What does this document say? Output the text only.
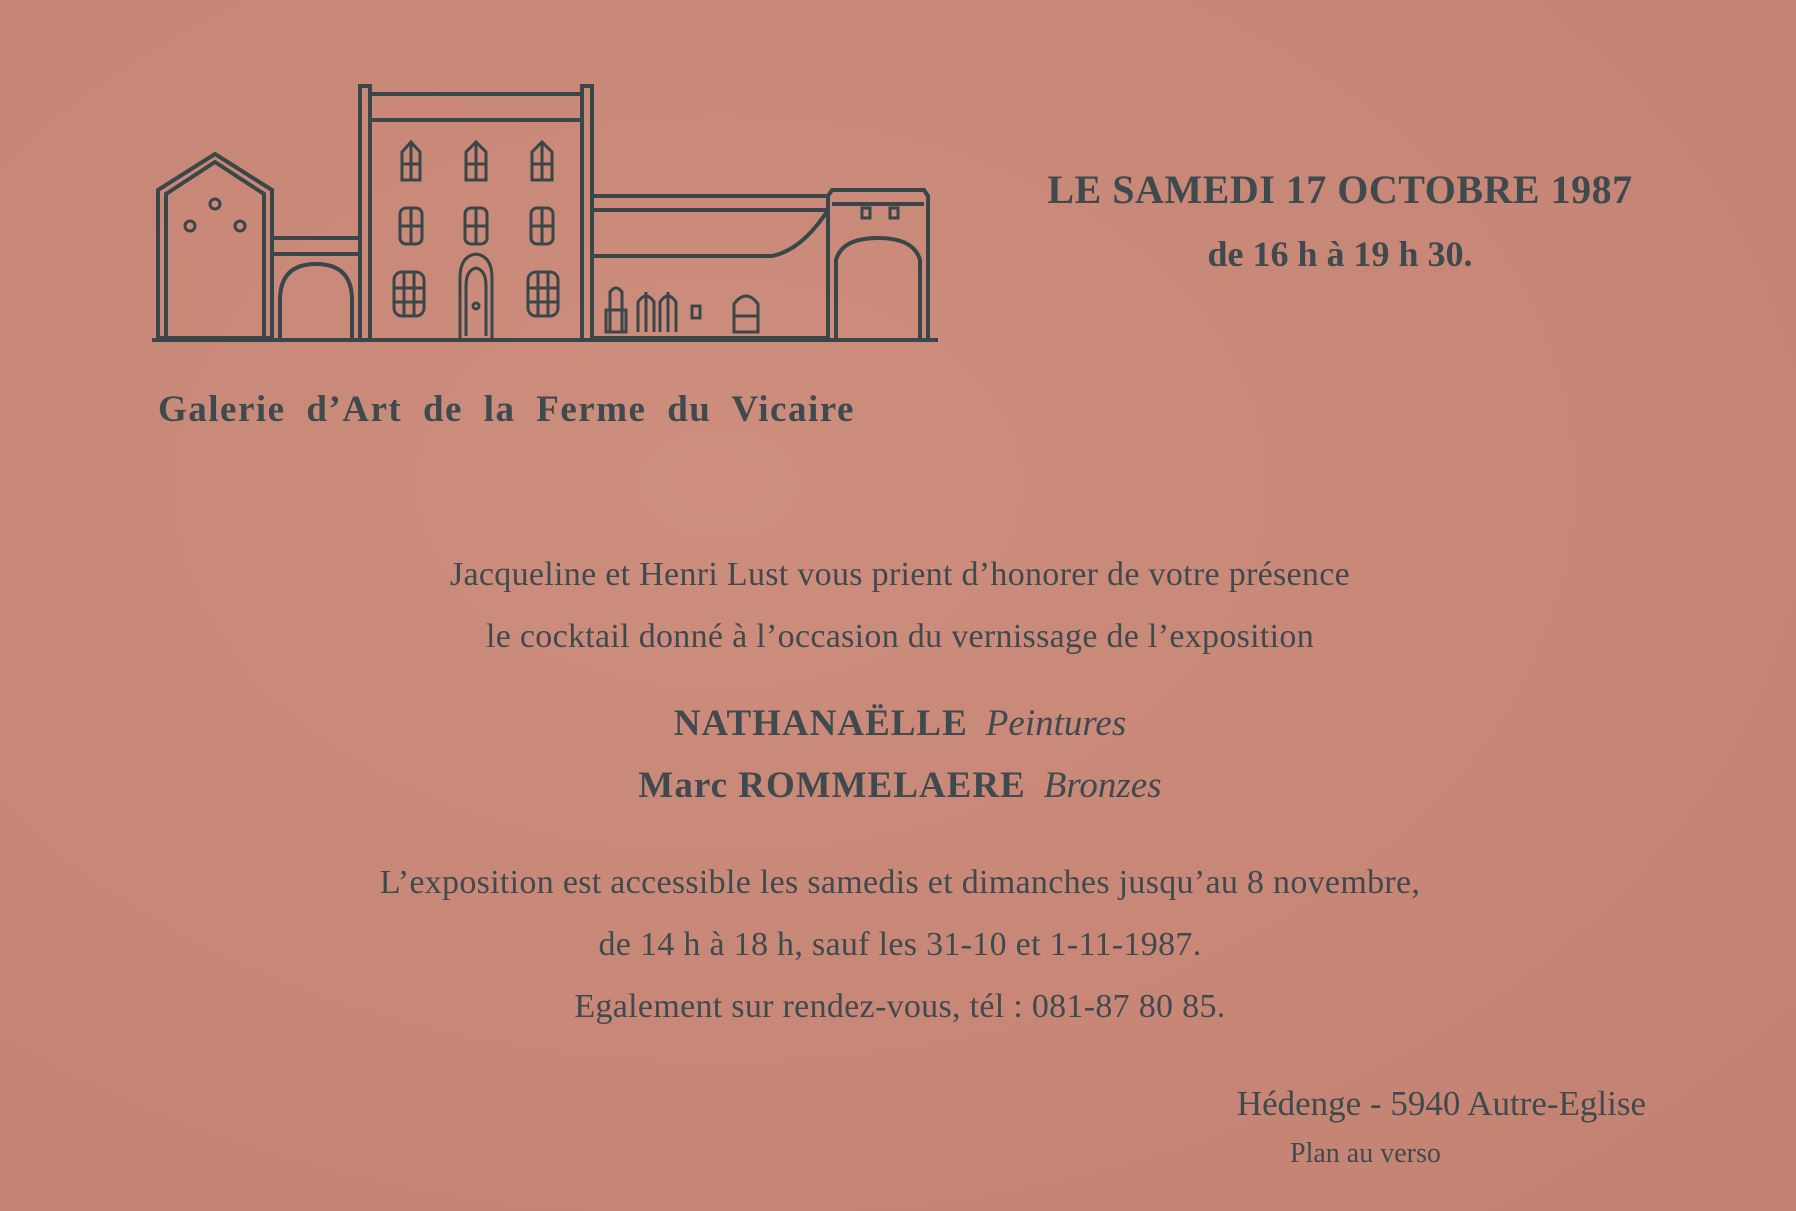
Galerie d’Art de la Ferme du Vicaire
LE SAMEDI 17 OCTOBRE 1987
de 16 h à 19 h 30.
Jacqueline et Henri Lust vous prient d’honorer de votre présence
le cocktail donné à l’occasion du vernissage de l’exposition
NATHANAËLLE Peintures
Marc ROMMELAERE Bronzes
L’exposition est accessible les samedis et dimanches jusqu’au 8 novembre,
de 14 h à 18 h, sauf les 31-10 et 1-11-1987.
Egalement sur rendez-vous, tél : 081-87 80 85.
Hédenge - 5940 Autre-Eglise
Plan au verso
